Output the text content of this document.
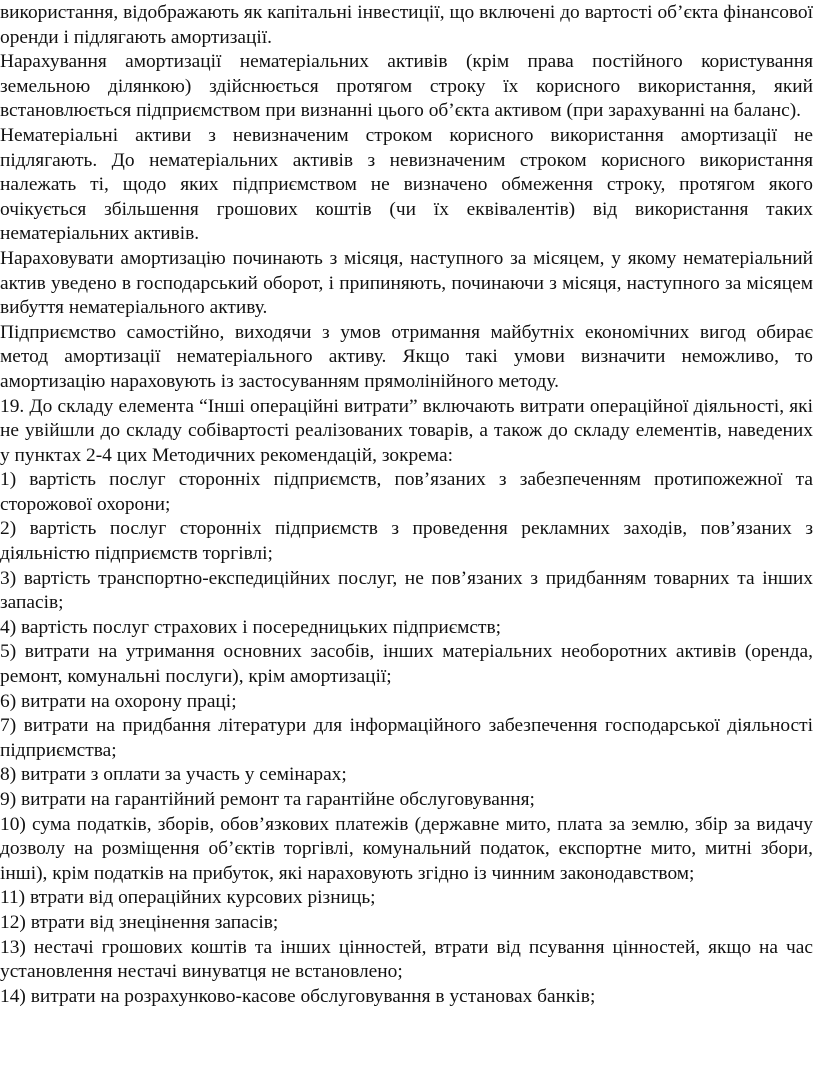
використання, відображають як капітальні інвестиції, що включені до вартості об’єкта фінансової оренди і підлягають амортизації.

Нарахування амортизації нематеріальних активів (крім права постійного користування земельною ділянкою) здійснюється протягом строку їх корисного використання, який встановлюється підприємством при визнанні цього об’єкта активом (при зарахуванні на баланс).

Нематеріальні активи з невизначеним строком корисного використання амортизації не підлягають. До нематеріальних активів з невизначеним строком корисного використання належать ті, щодо яких підприємством не визначено обмеження строку, протягом якого очікується збільшення грошових коштів (чи їх еквівалентів) від використання таких нематеріальних активів.

Нараховувати амортизацію починають з місяця, наступного за місяцем, у якому нематеріальний актив уведено в господарський оборот, і припиняють, починаючи з місяця, наступного за місяцем вибуття нематеріального активу.

Підприємство самостійно, виходячи з умов отримання майбутніх економічних вигод обирає метод амортизації нематеріального активу. Якщо такі умови визначити неможливо, то амортизацію нараховують із застосуванням прямолінійного методу.

19. До складу елемента “Інші операційні витрати” включають витрати операційної діяльності, які не увійшли до складу собівартості реалізованих товарів, а також до складу елементів, наведених у пунктах 2-4 цих Методичних рекомендацій, зокрема:

1) вартість послуг сторонніх підприємств, пов’язаних з забезпеченням протипожежної та сторожової охорони;

2) вартість послуг сторонніх підприємств з проведення рекламних заходів, пов’язаних з діяльністю підприємств торгівлі;

3) вартість транспортно-експедиційних послуг, не пов’язаних з придбанням товарних та інших запасів;

4) вартість послуг страхових і посередницьких підприємств;

5) витрати на утримання основних засобів, інших матеріальних необоротних активів (оренда, ремонт, комунальні послуги), крім амортизації;

6) витрати на охорону праці;

7) витрати на придбання літератури для інформаційного забезпечення господарської діяльності підприємства;

8) витрати з оплати за участь у семінарах;

9) витрати на гарантійний ремонт та гарантійне обслуговування;

10) сума податків, зборів, обов’язкових платежів (державне мито, плата за землю, збір за видачу дозволу на розміщення об’єктів торгівлі, комунальний податок, експортне мито, митні збори, інші), крім податків на прибуток, які нараховують згідно із чинним законодавством;

11) втрати від операційних курсових різниць;

12) втрати від знецінення запасів;

13) нестачі грошових коштів та інших цінностей, втрати від псування цінностей, якщо на час установлення нестачі винуватця не встановлено;

14) витрати на розрахунково-касове обслуговування в установах банків;
